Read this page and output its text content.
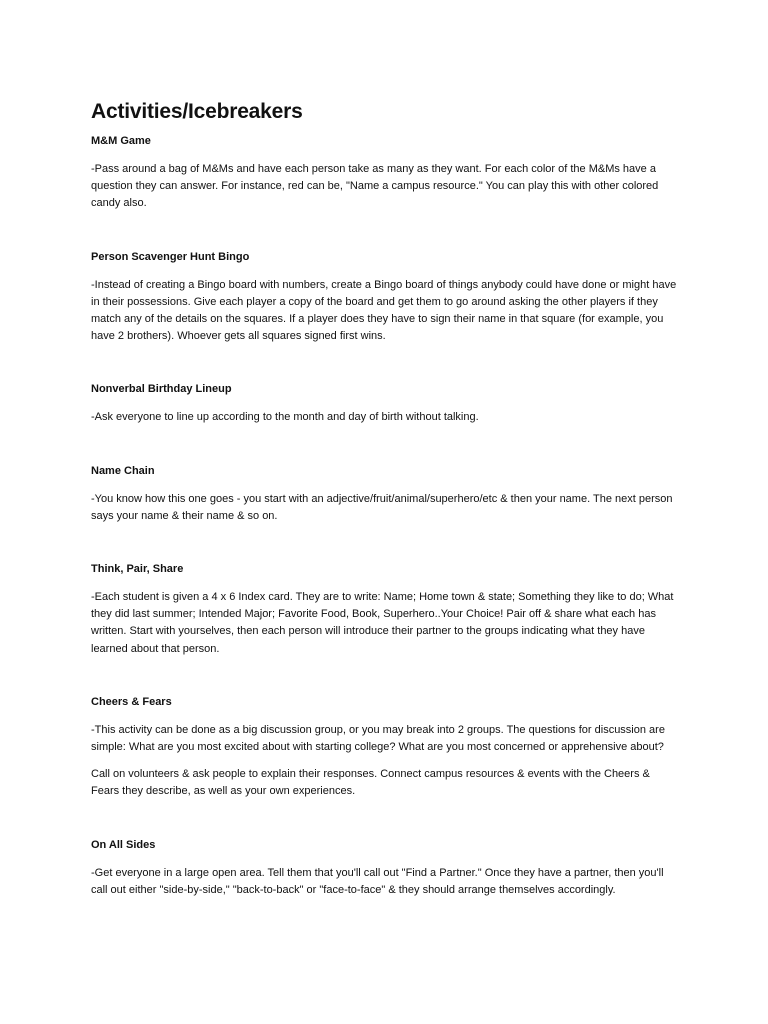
Activities/Icebreakers

M&M Game

-Pass around a bag of M&Ms and have each person take as many as they want. For each color of the M&Ms have a question they can answer. For instance, red can be, "Name a campus resource." You can play this with other colored candy also.

Person Scavenger Hunt Bingo

-Instead of creating a Bingo board with numbers, create a Bingo board of things anybody could have done or might have in their possessions. Give each player a copy of the board and get them to go around asking the other players if they match any of the details on the squares. If a player does they have to sign their name in that square (for example, you have 2 brothers). Whoever gets all squares signed first wins.

Nonverbal Birthday Lineup

-Ask everyone to line up according to the month and day of birth without talking.

Name Chain

-You know how this one goes - you start with an adjective/fruit/animal/superhero/etc & then your name. The next person says your name & their name & so on.

Think, Pair, Share

-Each student is given a 4 x 6 Index card. They are to write: Name; Home town & state; Something they like to do; What they did last summer; Intended Major; Favorite Food, Book, Superhero..Your Choice! Pair off & share what each has written. Start with yourselves, then each person will introduce their partner to the groups indicating what they have learned about that person.

Cheers & Fears

-This activity can be done as a big discussion group, or you may break into 2 groups. The questions for discussion are simple: What are you most excited about with starting college? What are you most concerned or apprehensive about?

Call on volunteers & ask people to explain their responses. Connect campus resources & events with the Cheers & Fears they describe, as well as your own experiences.

On All Sides

-Get everyone in a large open area. Tell them that you'll call out "Find a Partner." Once they have a partner, then you'll call out either "side-by-side," "back-to-back" or "face-to-face" & they should arrange themselves accordingly.
